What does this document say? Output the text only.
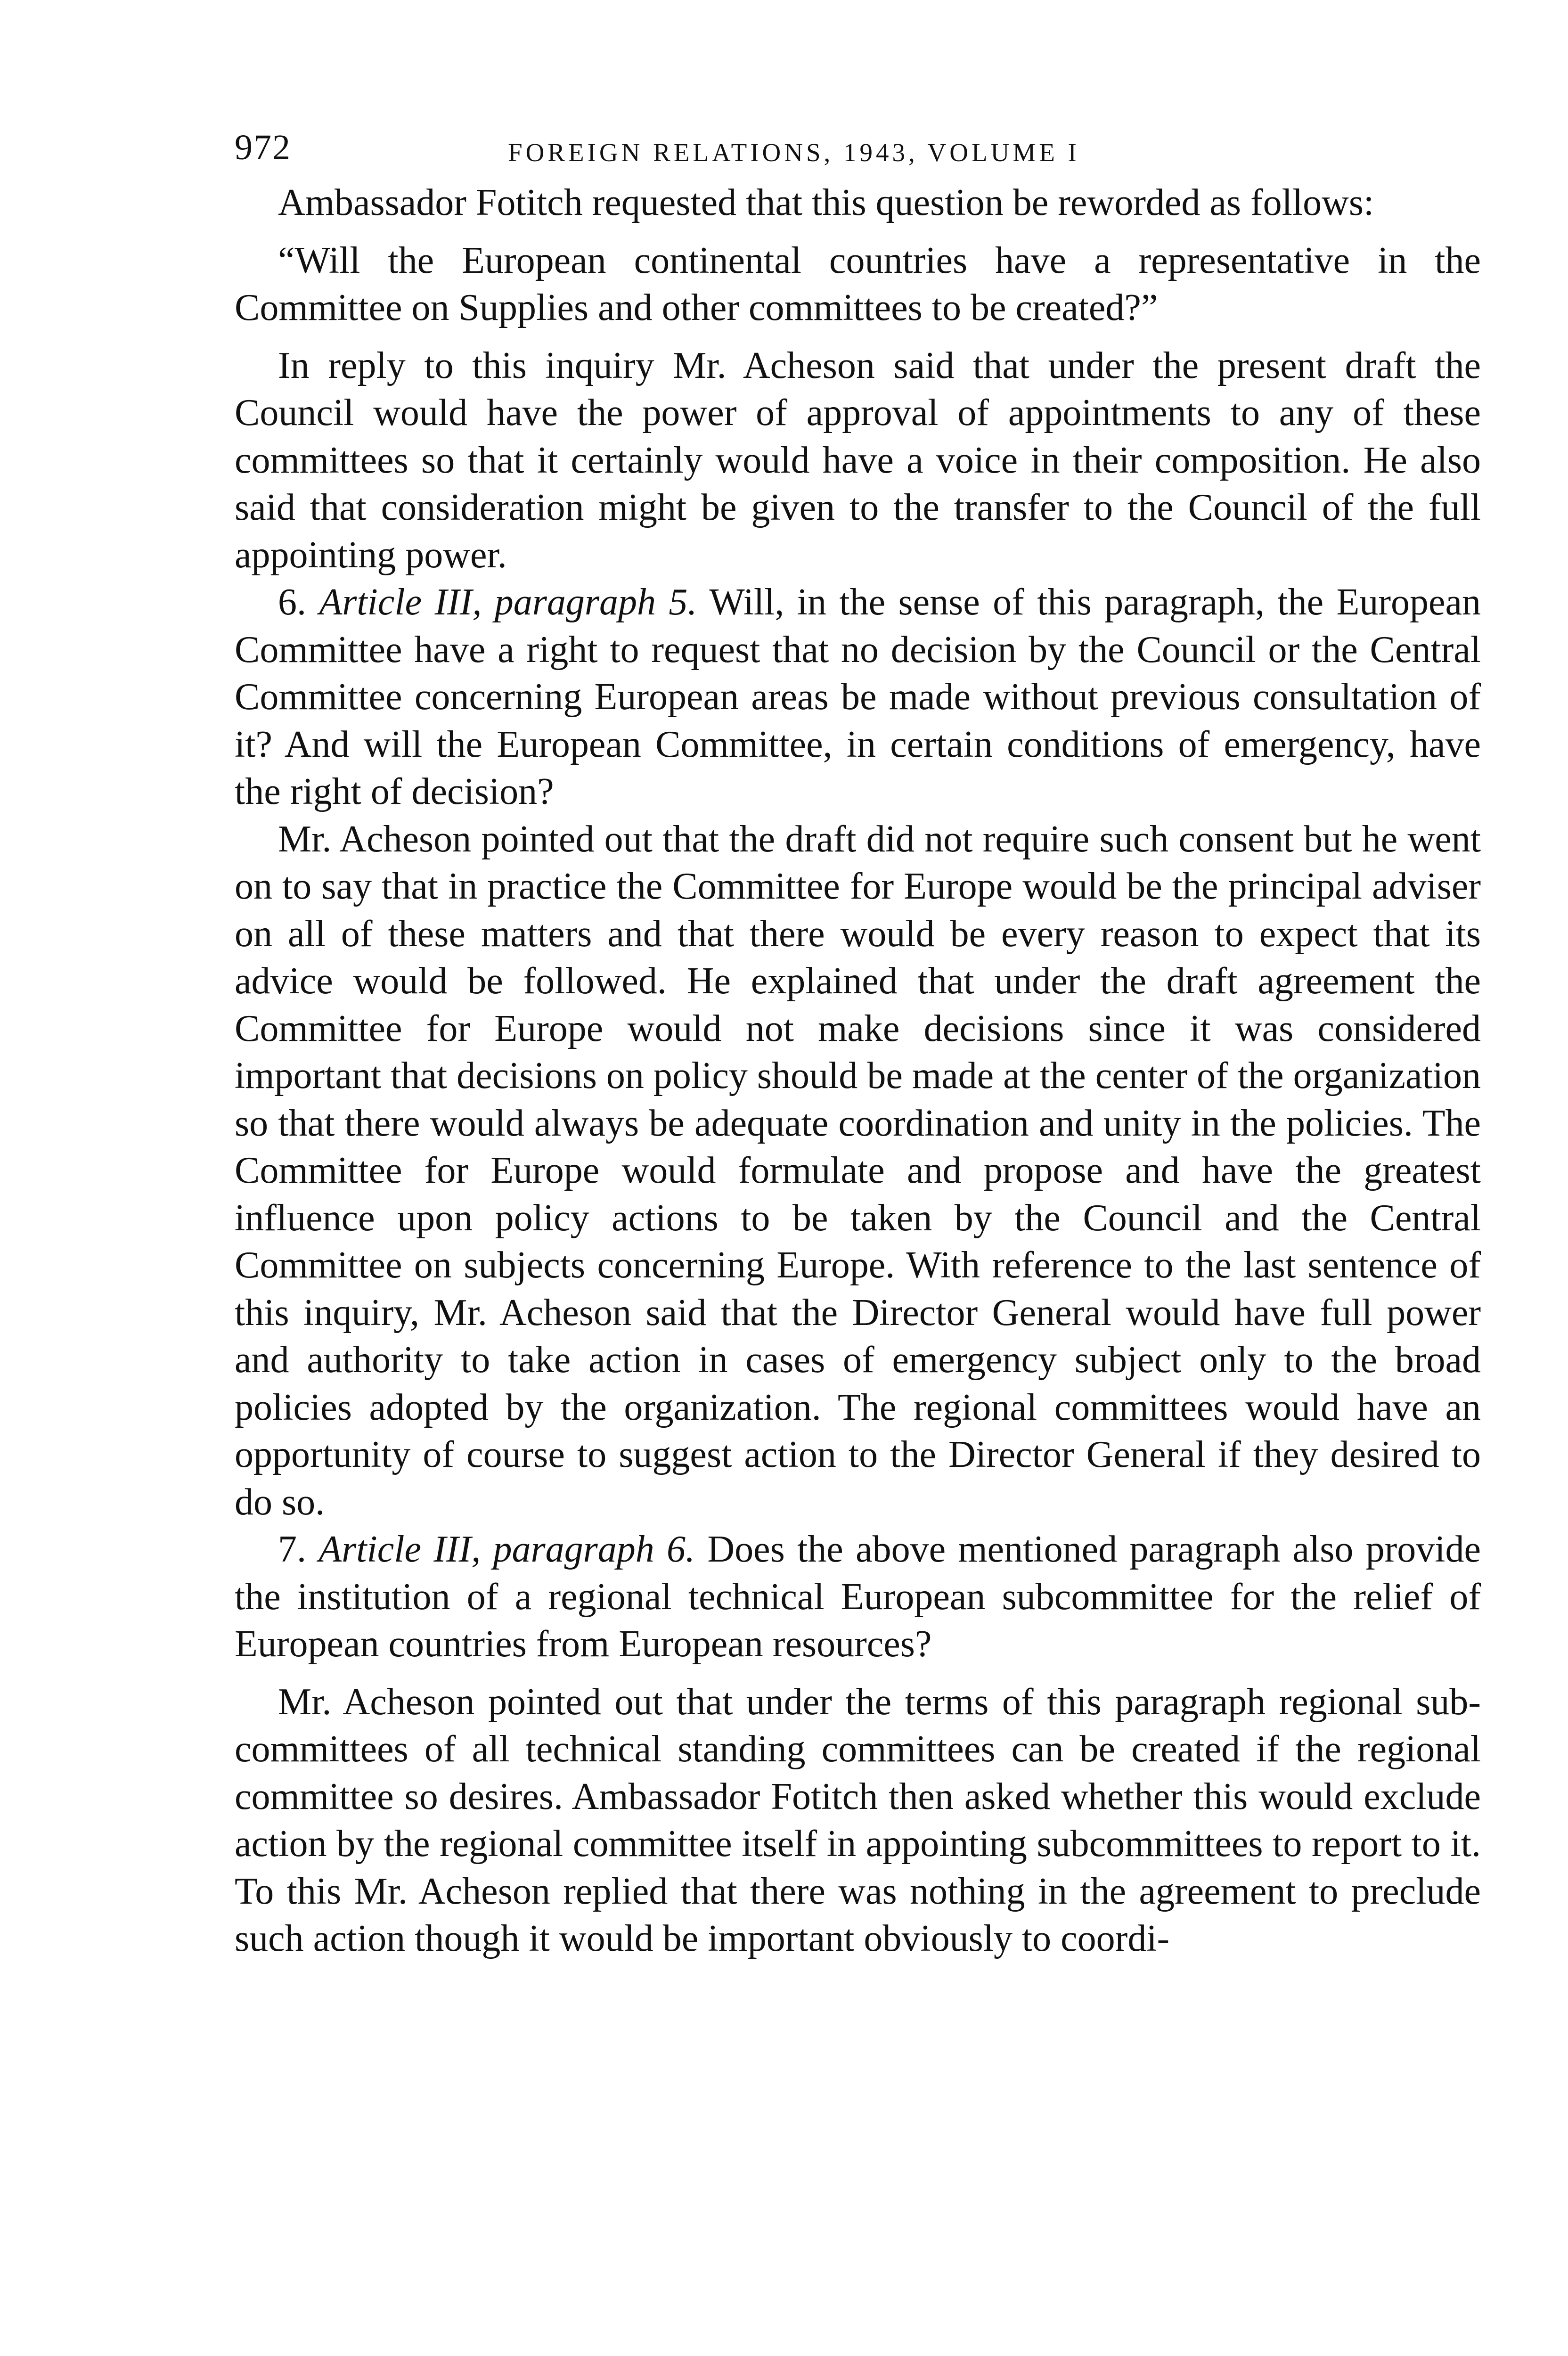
972	FOREIGN RELATIONS, 1943, VOLUME I

Ambassador Fotitch requested that this question be reworded as follows:

“Will the European continental countries have a representative in the Committee on Supplies and other committees to be created?”

In reply to this inquiry Mr. Acheson said that under the present draft the Council would have the power of approval of appointments to any of these committees so that it certainly would have a voice in their composition. He also said that consideration might be given to the transfer to the Council of the full appointing power.

6. Article III, paragraph 5. Will, in the sense of this paragraph, the European Committee have a right to request that no decision by the Council or the Central Committee concerning European areas be made without previous consultation of it? And will the European Committee, in certain conditions of emergency, have the right of decision?

Mr. Acheson pointed out that the draft did not require such consent but he went on to say that in practice the Committee for Europe would be the principal adviser on all of these matters and that there would be every reason to expect that its advice would be followed. He explained that under the draft agreement the Committee for Europe would not make decisions since it was considered important that decisions on policy should be made at the center of the organization so that there would always be adequate coordination and unity in the policies. The Committee for Europe would formulate and propose and have the greatest influence upon policy actions to be taken by the Council and the Central Committee on subjects concerning Europe. With reference to the last sentence of this inquiry, Mr. Acheson said that the Director General would have full power and authority to take action in cases of emergency subject only to the broad policies adopted by the organization. The regional committees would have an opportunity of course to suggest action to the Director General if they desired to do so.

7. Article III, paragraph 6. Does the above mentioned paragraph also provide the institution of a regional technical European subcommittee for the relief of European countries from European resources?

Mr. Acheson pointed out that under the terms of this paragraph regional sub-committees of all technical standing committees can be created if the regional committee so desires. Ambassador Fotitch then asked whether this would exclude action by the regional committee itself in appointing subcommittees to report to it. To this Mr. Acheson replied that there was nothing in the agreement to preclude such action though it would be important obviously to coordi-
